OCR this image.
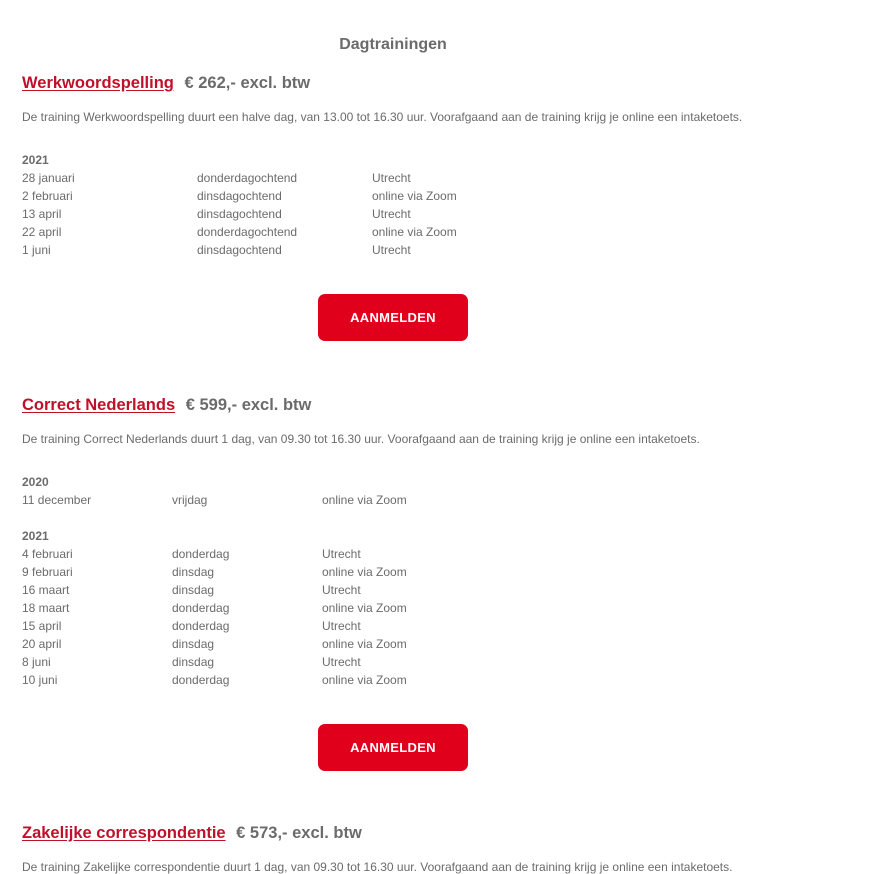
Dagtrainingen
Werkwoordspelling € 262,- excl. btw
De training Werkwoordspelling duurt een halve dag, van 13.00 tot 16.30 uur. Voorafgaand aan de training krijg je online een intaketoets.
2021
28 januari	donderdagochtend	Utrecht
2 februari	dinsdagochtend	online via Zoom
13 april	dinsdagochtend	Utrecht
22 april	donderdagochtend	online via Zoom
1 juni	dinsdagochtend	Utrecht
AANMELDEN
Correct Nederlands € 599,- excl. btw
De training Correct Nederlands duurt 1 dag, van 09.30 tot 16.30 uur. Voorafgaand aan de training krijg je online een intaketoets.
2020
11 december	vrijdag	online via Zoom
2021
4 februari	donderdag	Utrecht
9 februari	dinsdag	online via Zoom
16 maart	dinsdag	Utrecht
18 maart	donderdag	online via Zoom
15 april	donderdag	Utrecht
20 april	dinsdag	online via Zoom
8 juni	dinsdag	Utrecht
10 juni	donderdag	online via Zoom
AANMELDEN
Zakelijke correspondentie € 573,- excl. btw
De training Zakelijke correspondentie duurt 1 dag, van 09.30 tot 16.30 uur. Voorafgaand aan de training krijg je online een intaketoets.
